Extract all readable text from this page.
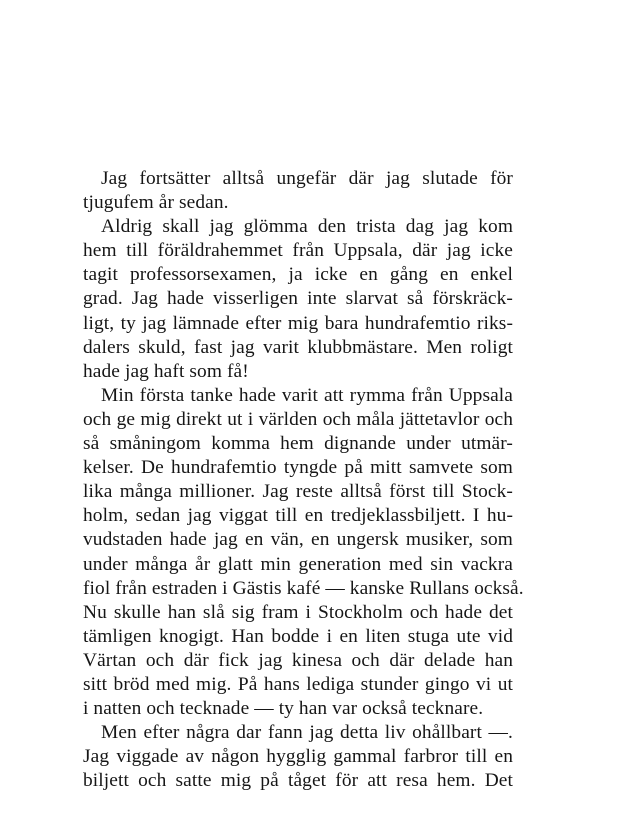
Jag fortsätter alltså ungefär där jag slutade för
tjugufem år sedan.
Aldrig skall jag glömma den trista dag jag kom
hem till föräldrahemmet från Uppsala, där jag icke
tagit professorsexamen, ja icke en gång en enkel
grad. Jag hade visserligen inte slarvat så förskräck-
ligt, ty jag lämnade efter mig bara hundrafemtio riks-
dalers skuld, fast jag varit klubbmästare. Men roligt
hade jag haft som få!
Min första tanke hade varit att rymma från Uppsala
och ge mig direkt ut i världen och måla jättetavlor och
så småningom komma hem dignande under utmär-
kelser. De hundrafemtio tyngde på mitt samvete som
lika många millioner. Jag reste alltså först till Stock-
holm, sedan jag viggat till en tredjeklassbiljett. I hu-
vudstaden hade jag en vän, en ungersk musiker, som
under många år glatt min generation med sin vackra
fiol från estraden i Gästis kafé — kanske Rullans också.
Nu skulle han slå sig fram i Stockholm och hade det
tämligen knogigt. Han bodde i en liten stuga ute vid
Värtan och där fick jag kinesa och där delade han
sitt bröd med mig. På hans lediga stunder gingo vi ut
i natten och tecknade — ty han var också tecknare.
Men efter några dar fann jag detta liv ohållbart —.
Jag viggade av någon hygglig gammal farbror till en
biljett och satte mig på tåget för att resa hem. Det
